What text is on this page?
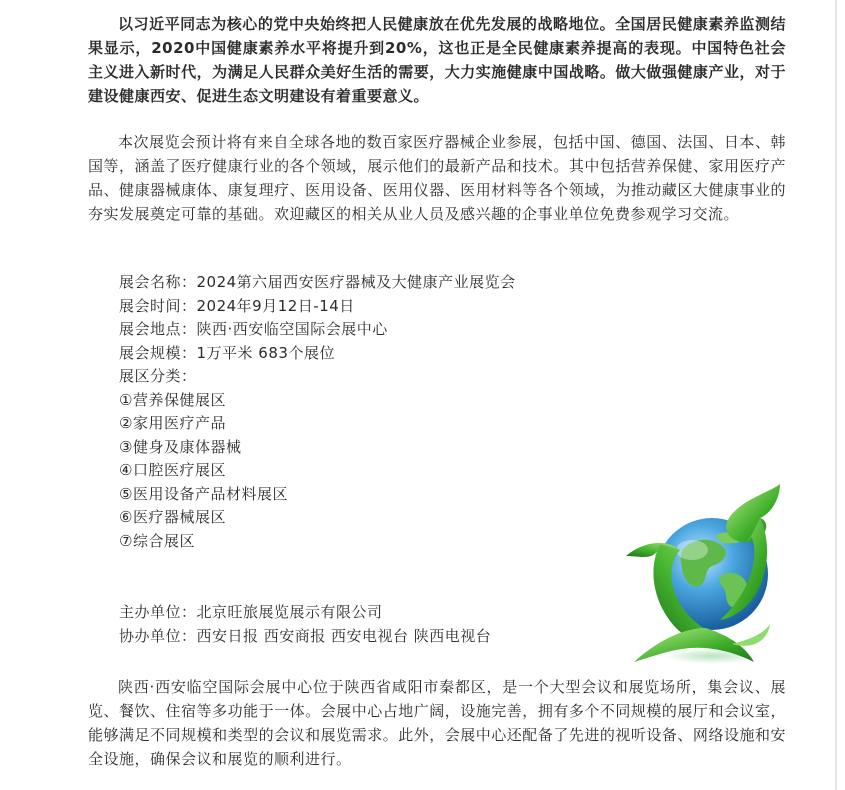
以习近平同志为核心的党中央始终把人民健康放在优先发展的战略地位。全国居民健康素养监测结果显示，2020中国健康素养水平将提升到20%，这也正是全民健康素养提高的表现。中国特色社会主义进入新时代，为满足人民群众美好生活的需要，大力实施健康中国战略。做大做强健康产业，对于建设健康西安、促进生态文明建设有着重要意义。

本次展览会预计将有来自全球各地的数百家医疗器械企业参展，包括中国、德国、法国、日本、韩国等，涵盖了医疗健康行业的各个领域，展示他们的最新产品和技术。其中包括营养保健、家用医疗产品、健康器械康体、康复理疗、医用设备、医用仪器、医用材料等各个领域，为推动藏区大健康事业的夯实发展奠定可靠的基础。欢迎藏区的相关从业人员及感兴趣的企事业单位免费参观学习交流。

展会名称：2024第六届西安医疗器械及大健康产业展览会
展会时间：2024年9月12日-14日
展会地点：陕西·西安临空国际会展中心
展会规模：1万平米 683个展位
展区分类：
①营养保健展区
②家用医疗产品
③健身及康体器械
④口腔医疗展区
⑤医用设备产品材料展区
⑥医疗器械展区
⑦综合展区
主办单位：北京旺旅展览展示有限公司
协办单位：西安日报 西安商报 西安电视台 陕西电视台

陕西·西安临空国际会展中心位于陕西省咸阳市秦都区，是一个大型会议和展览场所，集会议、展览、餐饮、住宿等多功能于一体。会展中心占地广阔，设施完善，拥有多个不同规模的展厅和会议室，能够满足不同规模和类型的会议和展览需求。此外，会展中心还配备了先进的视听设备、网络设施和安全设施，确保会议和展览的顺利进行。
